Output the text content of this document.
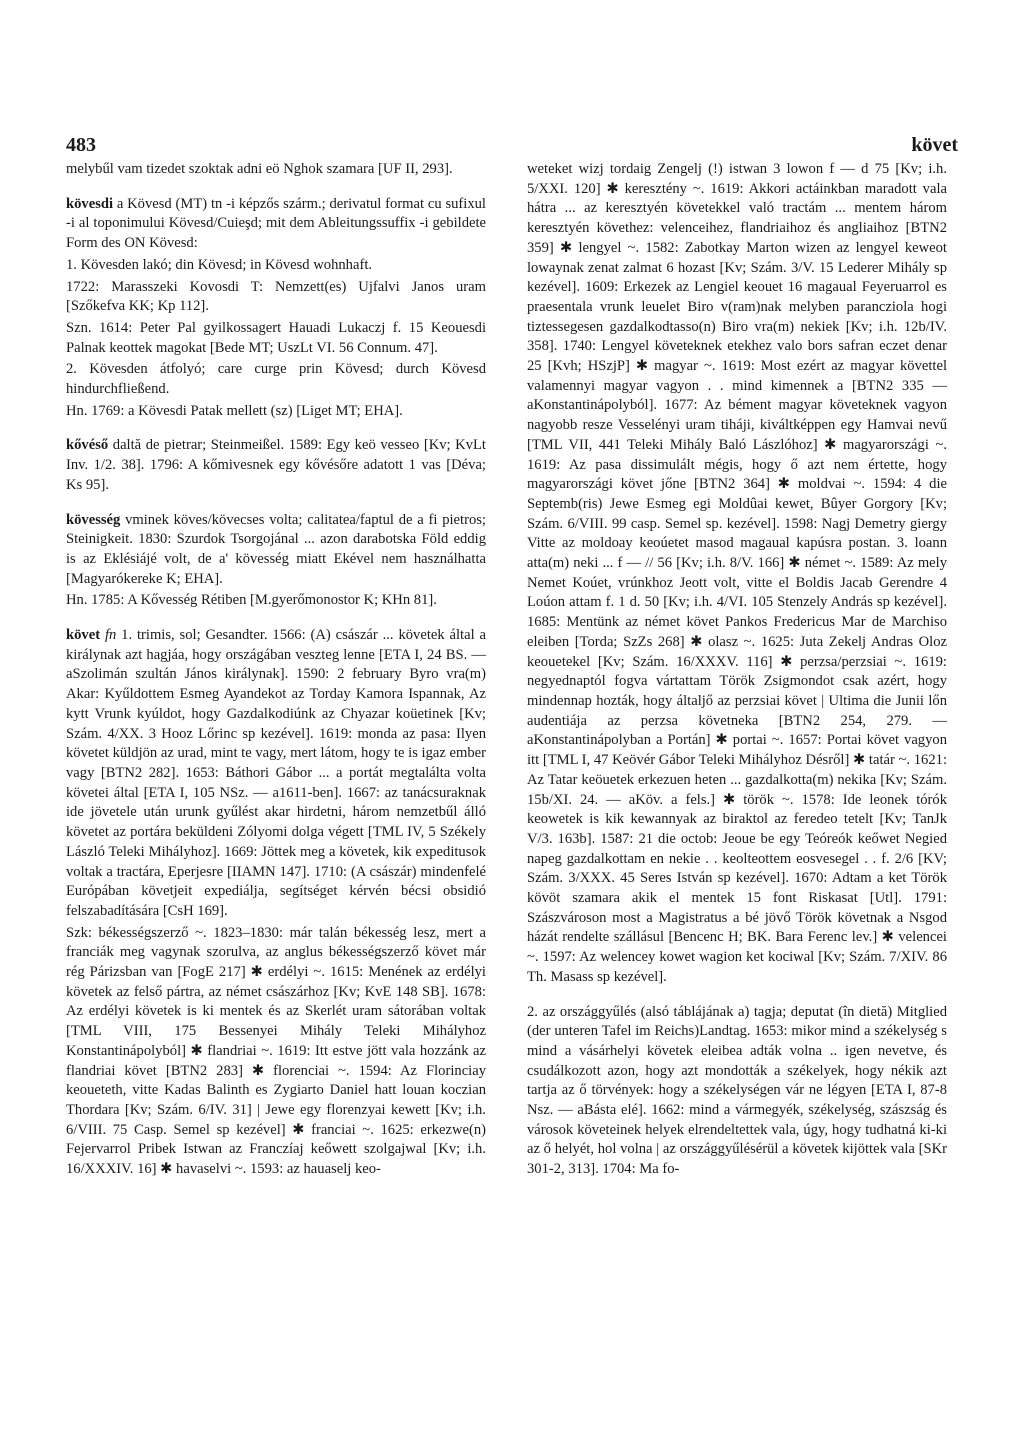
483	követ

melybűl vam tizedet szoktak adni eö Nghok szamara [UF II, 293].

kövesdi a Kövesd (MT) tn -i képzős szárm.; derivatul format cu sufixul -i al toponimului Kövesd/Cuieşd; mit dem Ableitungssuffix -i gebildete Form des ON Kövesd:

1. Kövesden lakó; din Kövesd; in Kövesd wohnhaft.

1722: Marasszeki Kovosdi T: Nemzett(es) Ujfalvi Janos uram [Szőkefva KK; Kp 112].

Szn. 1614: Peter Pal gyilkossagert Hauadi Lukaczj f. 15 Keouesdi Palnak keottek magokat [Bede MT; UszLt VI. 56 Connum. 47].

2. Kövesden átfolyó; care curge prin Kövesd; durch Kövesd hindurchfließend.

Hn. 1769: a Kövesdi Patak mellett (sz) [Liget MT; EHA].

kővéső daltă de pietrar; Steinmeißel. 1589: Egy keö vesseo [Kv; KvLt Inv. 1/2. 38]. 1796: A kőmivesnek egy kővésőre adatott 1 vas [Déva; Ks 95].

kövesség vminek köves/kövecses volta; calitatea/faptul de a fi pietros; Steinigkeit. 1830: Szurdok Tsorgojánal ... azon darabotska Föld eddig is az Eklésiájé volt, de a' kövesség miatt Ekével nem használhatta [Magyarókereke K; EHA].

Hn. 1785: A Kővesség Rétiben [M.gyerőmonostor K; KHn 81].

követ fn 1. trimis, sol; Gesandter. 1566: (A) császár ... követek által a királynak azt hagjáa, hogy országában veszteg lenne [ETA I, 24 BS. — aSzolimán szultán János királynak]. 1590: 2 february Byro vra(m) Akar: Kyűldottem Esmeg Ayandekot az Torday Kamora Ispannak, Az kytt Vrunk kyúldot, hogy Gazdalkodiúnk az Chyazar koüetinek [Kv; Szám. 4/XX. 3 Hooz Lőrinc sp kezével]. 1619: monda az pasa: Ilyen követet küldjön az urad, mint te vagy, mert látom, hogy te is igaz ember vagy [BTN2 282]. 1653: Báthori Gábor ... a portát megtalálta volta követei által [ETA I, 105 NSz. — a1611-ben]. 1667: az tanácsuraknak ide jövetele után urunk gyűlést akar hirdetni, három nemzetbűl álló követet az portára beküldeni Zólyomi dolga végett [TML IV, 5 Székely László Teleki Mihályhoz]. 1669: Jöttek meg a követek, kik expeditusok voltak a tractára, Eperjesre [IIAMN 147]. 1710: (A császár) mindenfelé Európában követjeit expediálja, segítséget kérvén bécsi obsidió felszabadítására [CsH 169].

Szk: békességszerző ~. 1823–1830: már talán békesség lesz, mert a franciák meg vagynak szorulva, az anglus békességszerző követ már rég Párizsban van [FogE 217] ✱ erdélyi ~. 1615: Menének az erdélyi követek az felső pártra, az német császárhoz [Kv; KvE 148 SB]. 1678: Az erdélyi követek is ki mentek és az Skerlét uram sátorában voltak [TML VIII, 175 Bessenyei Mihály Teleki Mihályhoz Konstantinápolyból] ✱ flandriai ~. 1619: Itt estve jött vala hozzánk az flandriai követ [BTN2 283] ✱ florenciai ~. 1594: Az Florinciay keoueteth, vitte Kadas Balinth es Zygiarto Daniel hatt louan koczian Thordara [Kv; Szám. 6/IV. 31] | Jewe egy florenzyai kewett [Kv; i.h. 6/VIII. 75 Casp. Semel sp kezével] ✱ franciai ~. 1625: erkezwe(n) Fejervarrol Pribek Istwan az Franczíaj keőwett szolgajwal [Kv; i.h. 16/XXXIV. 16] ✱ havaselvi ~. 1593: az hauaselj keo-

weteket wizj tordaig Zengelj (!) istwan 3 lowon f — d 75 [Kv; i.h. 5/XXI. 120] ✱ keresztény ~. 1619: Akkori actáinkban maradott vala hátra ... az keresztyén követekkel való tractám ... mentem három keresztyén követhez: velenceihez, flandriaihoz és angliaihoz [BTN2 359] ✱ lengyel ~. 1582: Zabotkay Marton wizen az lengyel keweot lowaynak zenat zalmat 6 hozast [Kv; Szám. 3/V. 15 Lederer Mihály sp kezével]. 1609: Erkezek az Lengiel keouet 16 magaual Feyeruarrol es praesentala vrunk leuelet Biro v(ram)nak melyben parancziola hogi tiztessegesen gazdalkodtasso(n) Biro vra(m) nekiek [Kv; i.h. 12b/IV. 358]. 1740: Lengyel követeknek etekhez valo bors safran eczet denar 25 [Kvh; HSzjP] ✱ magyar ~. 1619: Most ezért az magyar követtel valamennyi magyar vagyon . . mind kimennek a [BTN2 335 — aKonstantinápolyból]. 1677: Az bément magyar követeknek vagyon nagyobb resze Vesselényi uram tiháji, kiváltképpen egy Hamvai nevű [TML VII, 441 Teleki Mihály Baló Lászlóhoz] ✱ magyarországi ~. 1619: Az pasa dissimulált mégis, hogy ő azt nem értette, hogy magyarországi követ jőne [BTN2 364] ✱ moldvai ~. 1594: 4 die Septemb(ris) Jewe Esmeg egi Moldûai kewet, Bûyer Gorgory [Kv; Szám. 6/VIII. 99 casp. Semel sp. kezével]. 1598: Nagj Demetry giergy Vitte az moldoay keoúetet masod magaual kapúsra postan. 3. loann atta(m) neki ... f — // 56 [Kv; i.h. 8/V. 166] ✱ német ~. 1589: Az mely Nemet Koúet, vrúnkhoz Jeott volt, vitte el Boldis Jacab Gerendre 4 Loúon attam f. 1 d. 50 [Kv; i.h. 4/VI. 105 Stenzely András sp kezével]. 1685: Mentünk az német követ Pankos Fredericus Mar de Marchiso eleiben [Torda; SzZs 268] ✱ olasz ~. 1625: Juta Zekelj Andras Oloz keouetekel [Kv; Szám. 16/XXXV. 116] ✱ perzsa/perzsiai ~. 1619: negyednaptól fogva vártattam Török Zsigmondot csak azért, hogy mindennap hozták, hogy általjő az perzsiai követ | Ultima die Junii lőn audentiája az perzsa követneka [BTN2 254, 279. — aKonstantinápolyban a Portán] ✱ portai ~. 1657: Portai követ vagyon itt [TML I, 47 Keövér Gábor Teleki Mihályhoz Désről] ✱ tatár ~. 1621: Az Tatar keöuetek erkezuen heten ... gazdalkotta(m) nekika [Kv; Szám. 15b/XI. 24. — aKöv. a fels.] ✱ török ~. 1578: Ide leonek tórók keowetek is kik kewannyak az biraktol az feredeo tetelt [Kv; TanJk V/3. 163b]. 1587: 21 die octob: Jeoue be egy Teóreók keőwet Negied napeg gazdalkottam en nekie . . keolteottem eosvesegel . . f. 2/6 [KV; Szám. 3/XXX. 45 Seres István sp kezével]. 1670: Adtam a ket Török kövöt szamara akik el mentek 15 font Riskasat [Utl]. 1791: Szászvároson most a Magistratus a bé jövő Török követnak a Nsgod házát rendelte szállásul [Bencenc H; BK. Bara Ferenc lev.] ✱ velencei ~. 1597: Az welencey kowet wagion ket kociwal [Kv; Szám. 7/XIV. 86 Th. Masass sp kezével].

2. az országgyűlés (alsó táblájának a) tagja; deputat (în dietă) Mitglied (der unteren Tafel im Reichs)Landtag. 1653: mikor mind a székelység s mind a vásárhelyi követek eleibea adták volna .. igen nevetve, és csudálkozott azon, hogy azt mondották a székelyek, hogy nékik azt tartja az ő törvények: hogy a székelységen vár ne légyen [ETA I, 87-8 Nsz. — aBásta elé]. 1662: mind a vármegyék, székelység, szászság és városok követeinek helyek elrendeltettek vala, úgy, hogy tudhatná ki-ki az ő helyét, hol volna | az országgyűlésérül a követek kijöttek vala [SKr 301-2, 313]. 1704: Ma fo-
